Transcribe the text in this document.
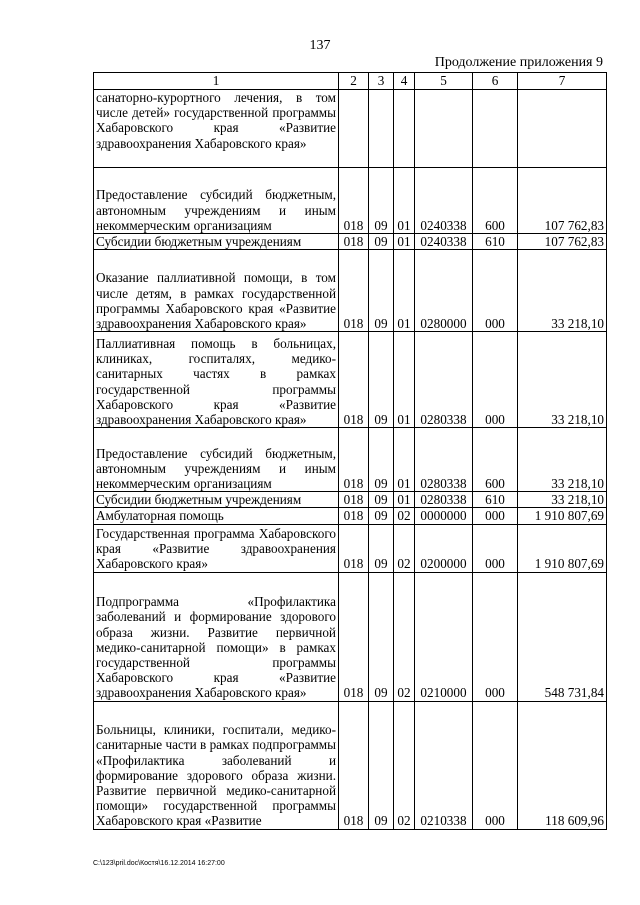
137
Продолжение приложения 9
1	2	3	4	5	6	7
санаторно-курортного лечения, в том числе детей» государственной программы Хабаровского края «Развитие здравоохранения Хабаровского края»						
Предоставление субсидий бюджетным, автономным учреждениям и иным некоммерческим организациям	018	09	01	0240338	600	107 762,83
Субсидии бюджетным учреждениям	018	09	01	0240338	610	107 762,83
Оказание паллиативной помощи, в том числе детям, в рамках государственной программы Хабаровского края «Развитие здравоохранения Хабаровского края»	018	09	01	0280000	000	33 218,10
Паллиативная помощь в больницах, клиниках, госпиталях, медико-санитарных частях в рамках государственной программы Хабаровского края «Развитие здравоохранения Хабаровского края»	018	09	01	0280338	000	33 218,10
Предоставление субсидий бюджетным, автономным учреждениям и иным некоммерческим организациям	018	09	01	0280338	600	33 218,10
Субсидии бюджетным учреждениям	018	09	01	0280338	610	33 218,10
Амбулаторная помощь	018	09	02	0000000	000	1 910 807,69
Государственная программа Хабаровского края «Развитие здравоохранения Хабаровского края»	018	09	02	0200000	000	1 910 807,69
Подпрограмма «Профилактика заболеваний и формирование здорового образа жизни. Развитие первичной медико-санитарной помощи» в рамках государственной программы Хабаровского края «Развитие здравоохранения Хабаровского края»	018	09	02	0210000	000	548 731,84
Больницы, клиники, госпитали, медико-санитарные части в рамках подпрограммы «Профилактика заболеваний и формирование здорового образа жизни. Развитие первичной медико-санитарной помощи» государственной программы Хабаровского края «Развитие	018	09	02	0210338	000	118 609,96
C:\123\pril.doc\Костя\16.12.2014 16:27:00
